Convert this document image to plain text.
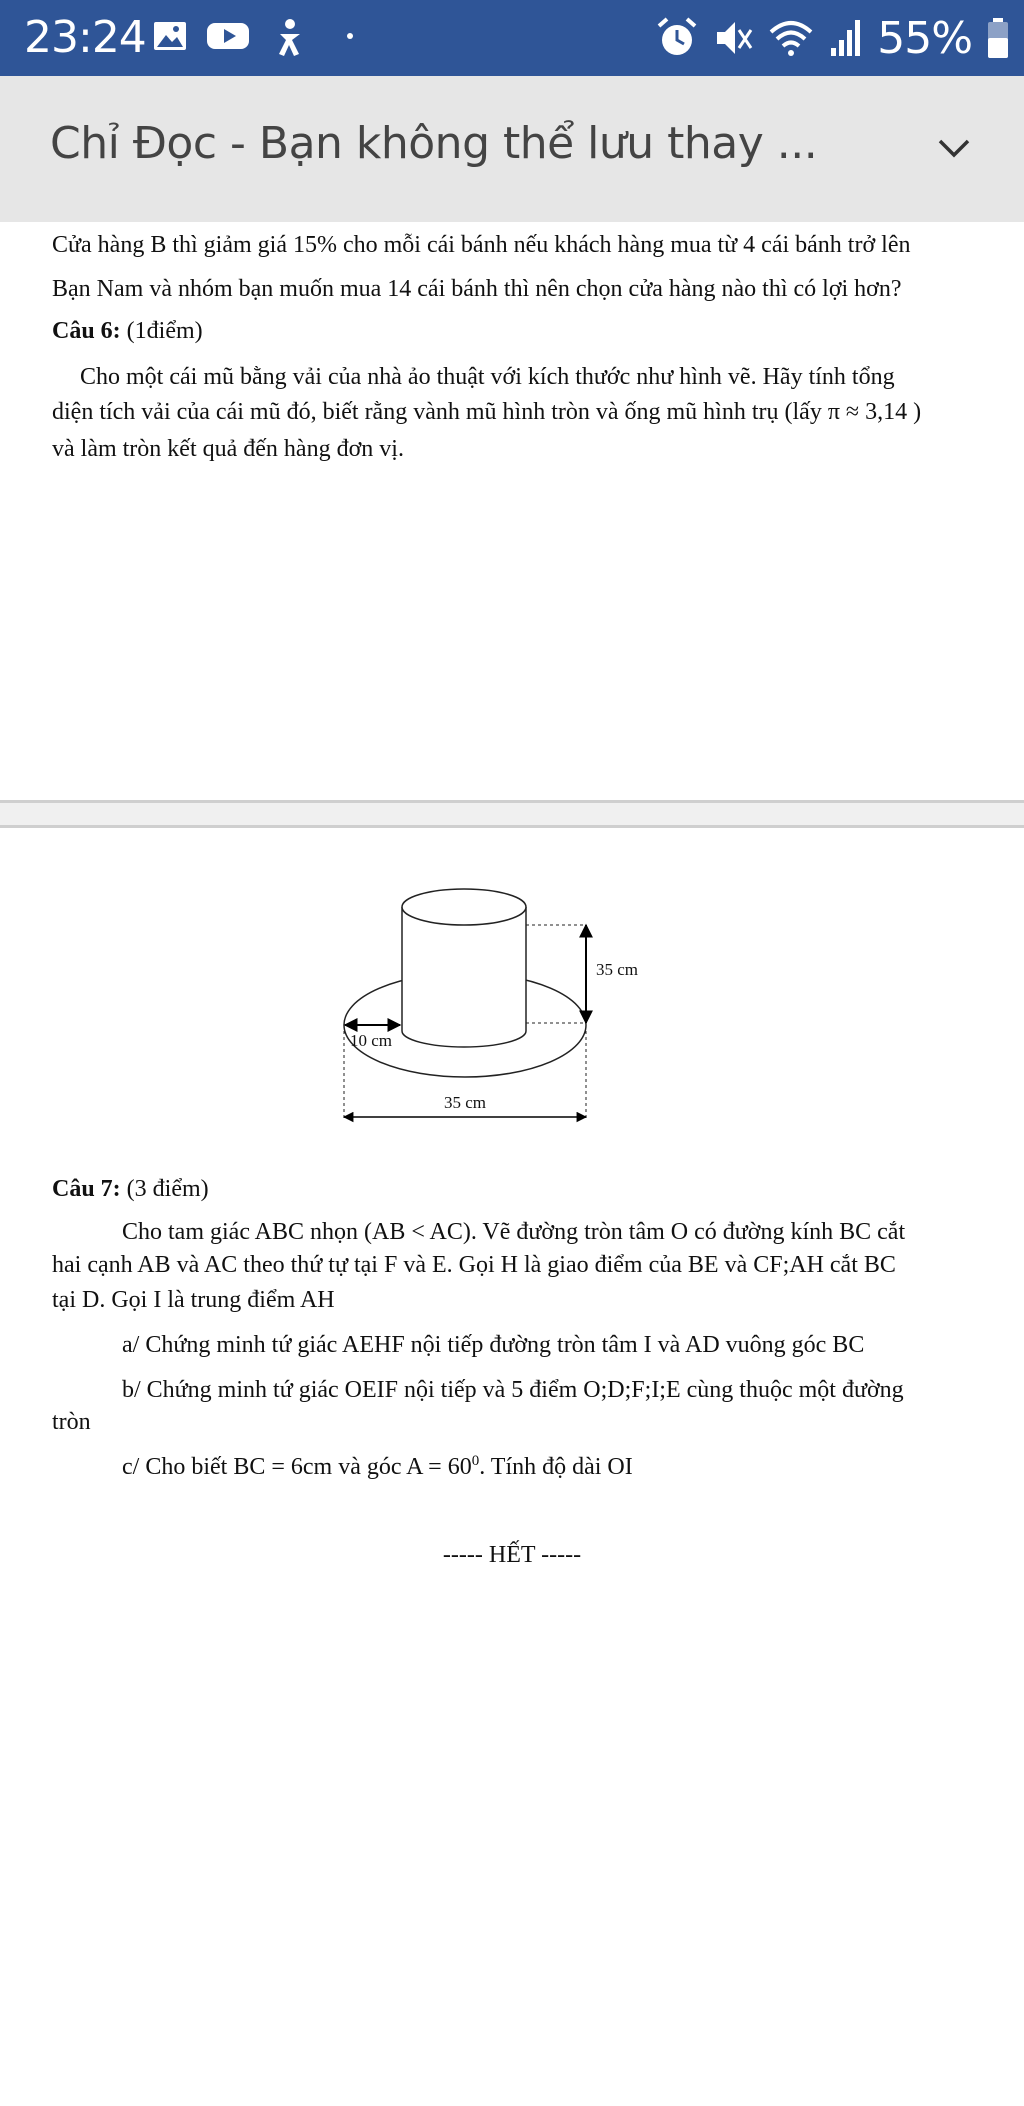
23:24	55%
Chỉ Đọc - Bạn không thể lưu thay ...
Cửa hàng B thì giảm giá 15% cho mỗi cái bánh nếu khách hàng mua từ 4 cái bánh trở lên
Bạn Nam và nhóm bạn muốn mua 14 cái bánh thì nên chọn cửa hàng nào thì có lợi hơn?
Câu 6: (1điểm)
Cho một cái mũ bằng vải của nhà ảo thuật với kích thước như hình vẽ. Hãy tính tổng
diện tích vải của cái mũ đó, biết rằng vành mũ hình tròn và ống mũ hình trụ (lấy π ≈ 3,14 )
và làm tròn kết quả đến hàng đơn vị.
35 cm
10 cm
35 cm
Câu 7: (3 điểm)
Cho tam giác ABC nhọn (AB < AC). Vẽ đường tròn tâm O có đường kính BC cắt
hai cạnh AB và AC theo thứ tự tại F và E. Gọi H là giao điểm của BE và CF;AH cắt BC
tại D. Gọi I là trung điểm AH
a/ Chứng minh tứ giác AEHF nội tiếp đường tròn tâm I và AD vuông góc BC
b/ Chứng minh tứ giác OEIF nội tiếp và 5 điểm O;D;F;I;E cùng thuộc một đường
tròn
c/ Cho biết BC = 6cm và góc $A = 60^0$. Tính độ dài OI
----- HẾT -----
